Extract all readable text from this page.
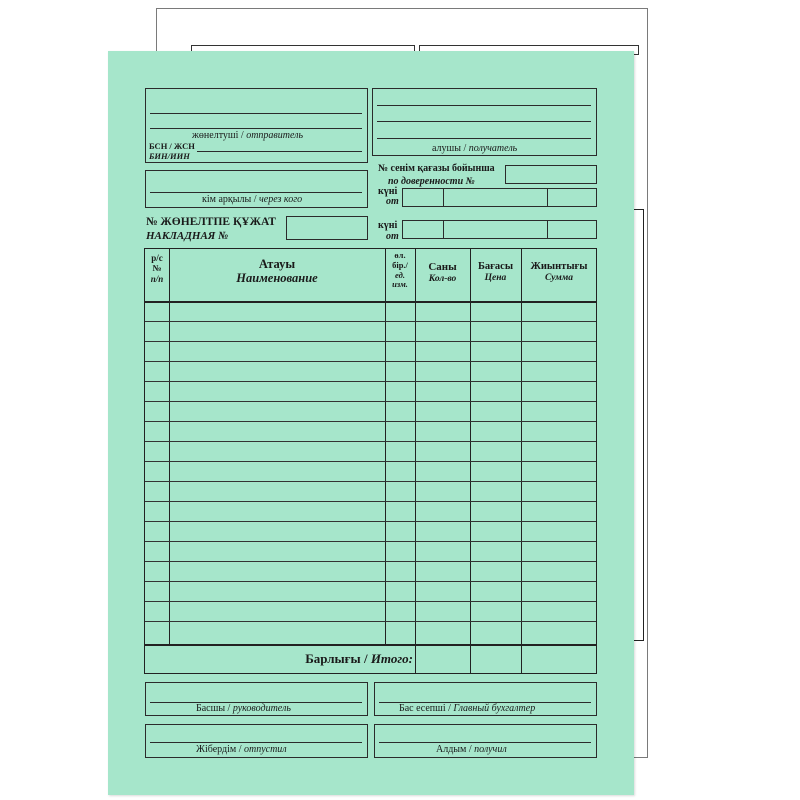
жөнелтуші / отправитель
БСН / ЖСН
БИН/ИИН
алушы / получатель
кім арқылы / через кого
№ сенім қағазы бойынша
по доверенности №
күні
от
№ ЖӨНЕЛТПЕ ҚҰЖАТ
НАКЛАДНАЯ №
күні
от
р/с
№
п/п
Атауы
Наименование
өл.
бір./
ед.
изм.
Саны
Кол-во
Бағасы
Цена
Жиынтығы
Сумма
Барлығы / Итого:
Басшы / руководитель	Бас есепші / Главный бухгалтер
Жібердім / отпустил	Алдым / получил
